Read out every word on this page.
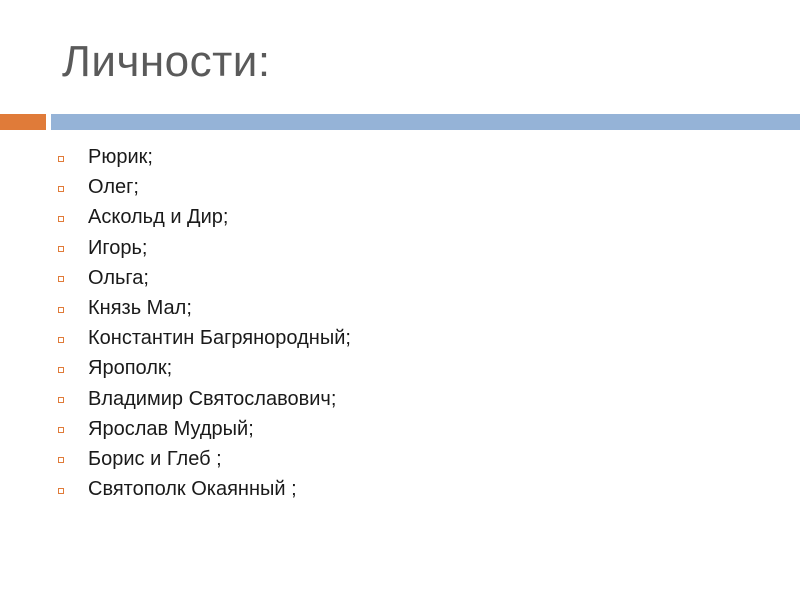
Личности:
Рюрик;
Олег;
Аскольд и Дир;
Игорь;
Ольга;
Князь Мал;
Константин Багрянородный;
Ярополк;
Владимир Святославович;
Ярослав Мудрый;
Борис и Глеб ;
Святополк Окаянный ;
